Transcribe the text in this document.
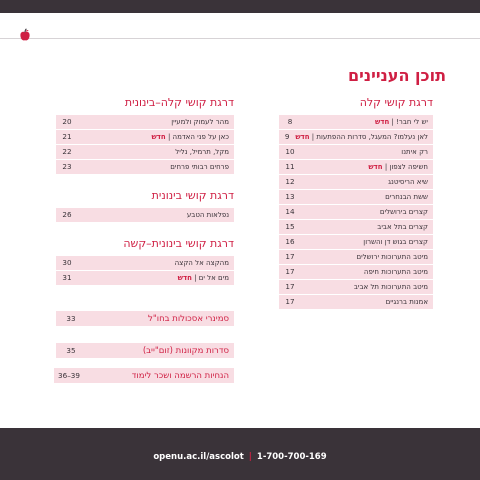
תוכן העניינים
דרגת קושי קלה
יש לי חבר! | חדש
8
לאן נעלמו? המעגל, סדרות ההפתעות | חדש
9
רק איתנו
10
חשיפה לצפון | חדש
11
שיא הריסיטנג
12
ששת הבנחרים
13
קצרים בירושלים
14
קצרים בתל אביב
15
קצרים בגוש דן והשרון
16
מיטב התערוכות ירושלים
17
מיטב התערוכות חיפה
17
מיטב התערוכות תל אביב
17
אמנות ברנגיים
17
דרגת קושי קלה–בינונית
מהר לעמוק ולמעיין
20
כאן על פני האדמה | חדש
21
מקל, תרמיל, נליל
22
פרחים רבותי פרחים
23
דרגת קושי בינונית
נפלאות הטבע
26
דרגת קושי בינונית–קשה
מהקצה אל הקצה
30
מים אל ים | חדש
31
סמינרי אסכולות בחו"ל
33
סדרות מקוונות (זום"ייב)
35
הנחיות הרשמה ושכר לימוד
39–36
openu.ac.il/ascolot | 1-700-700-169
